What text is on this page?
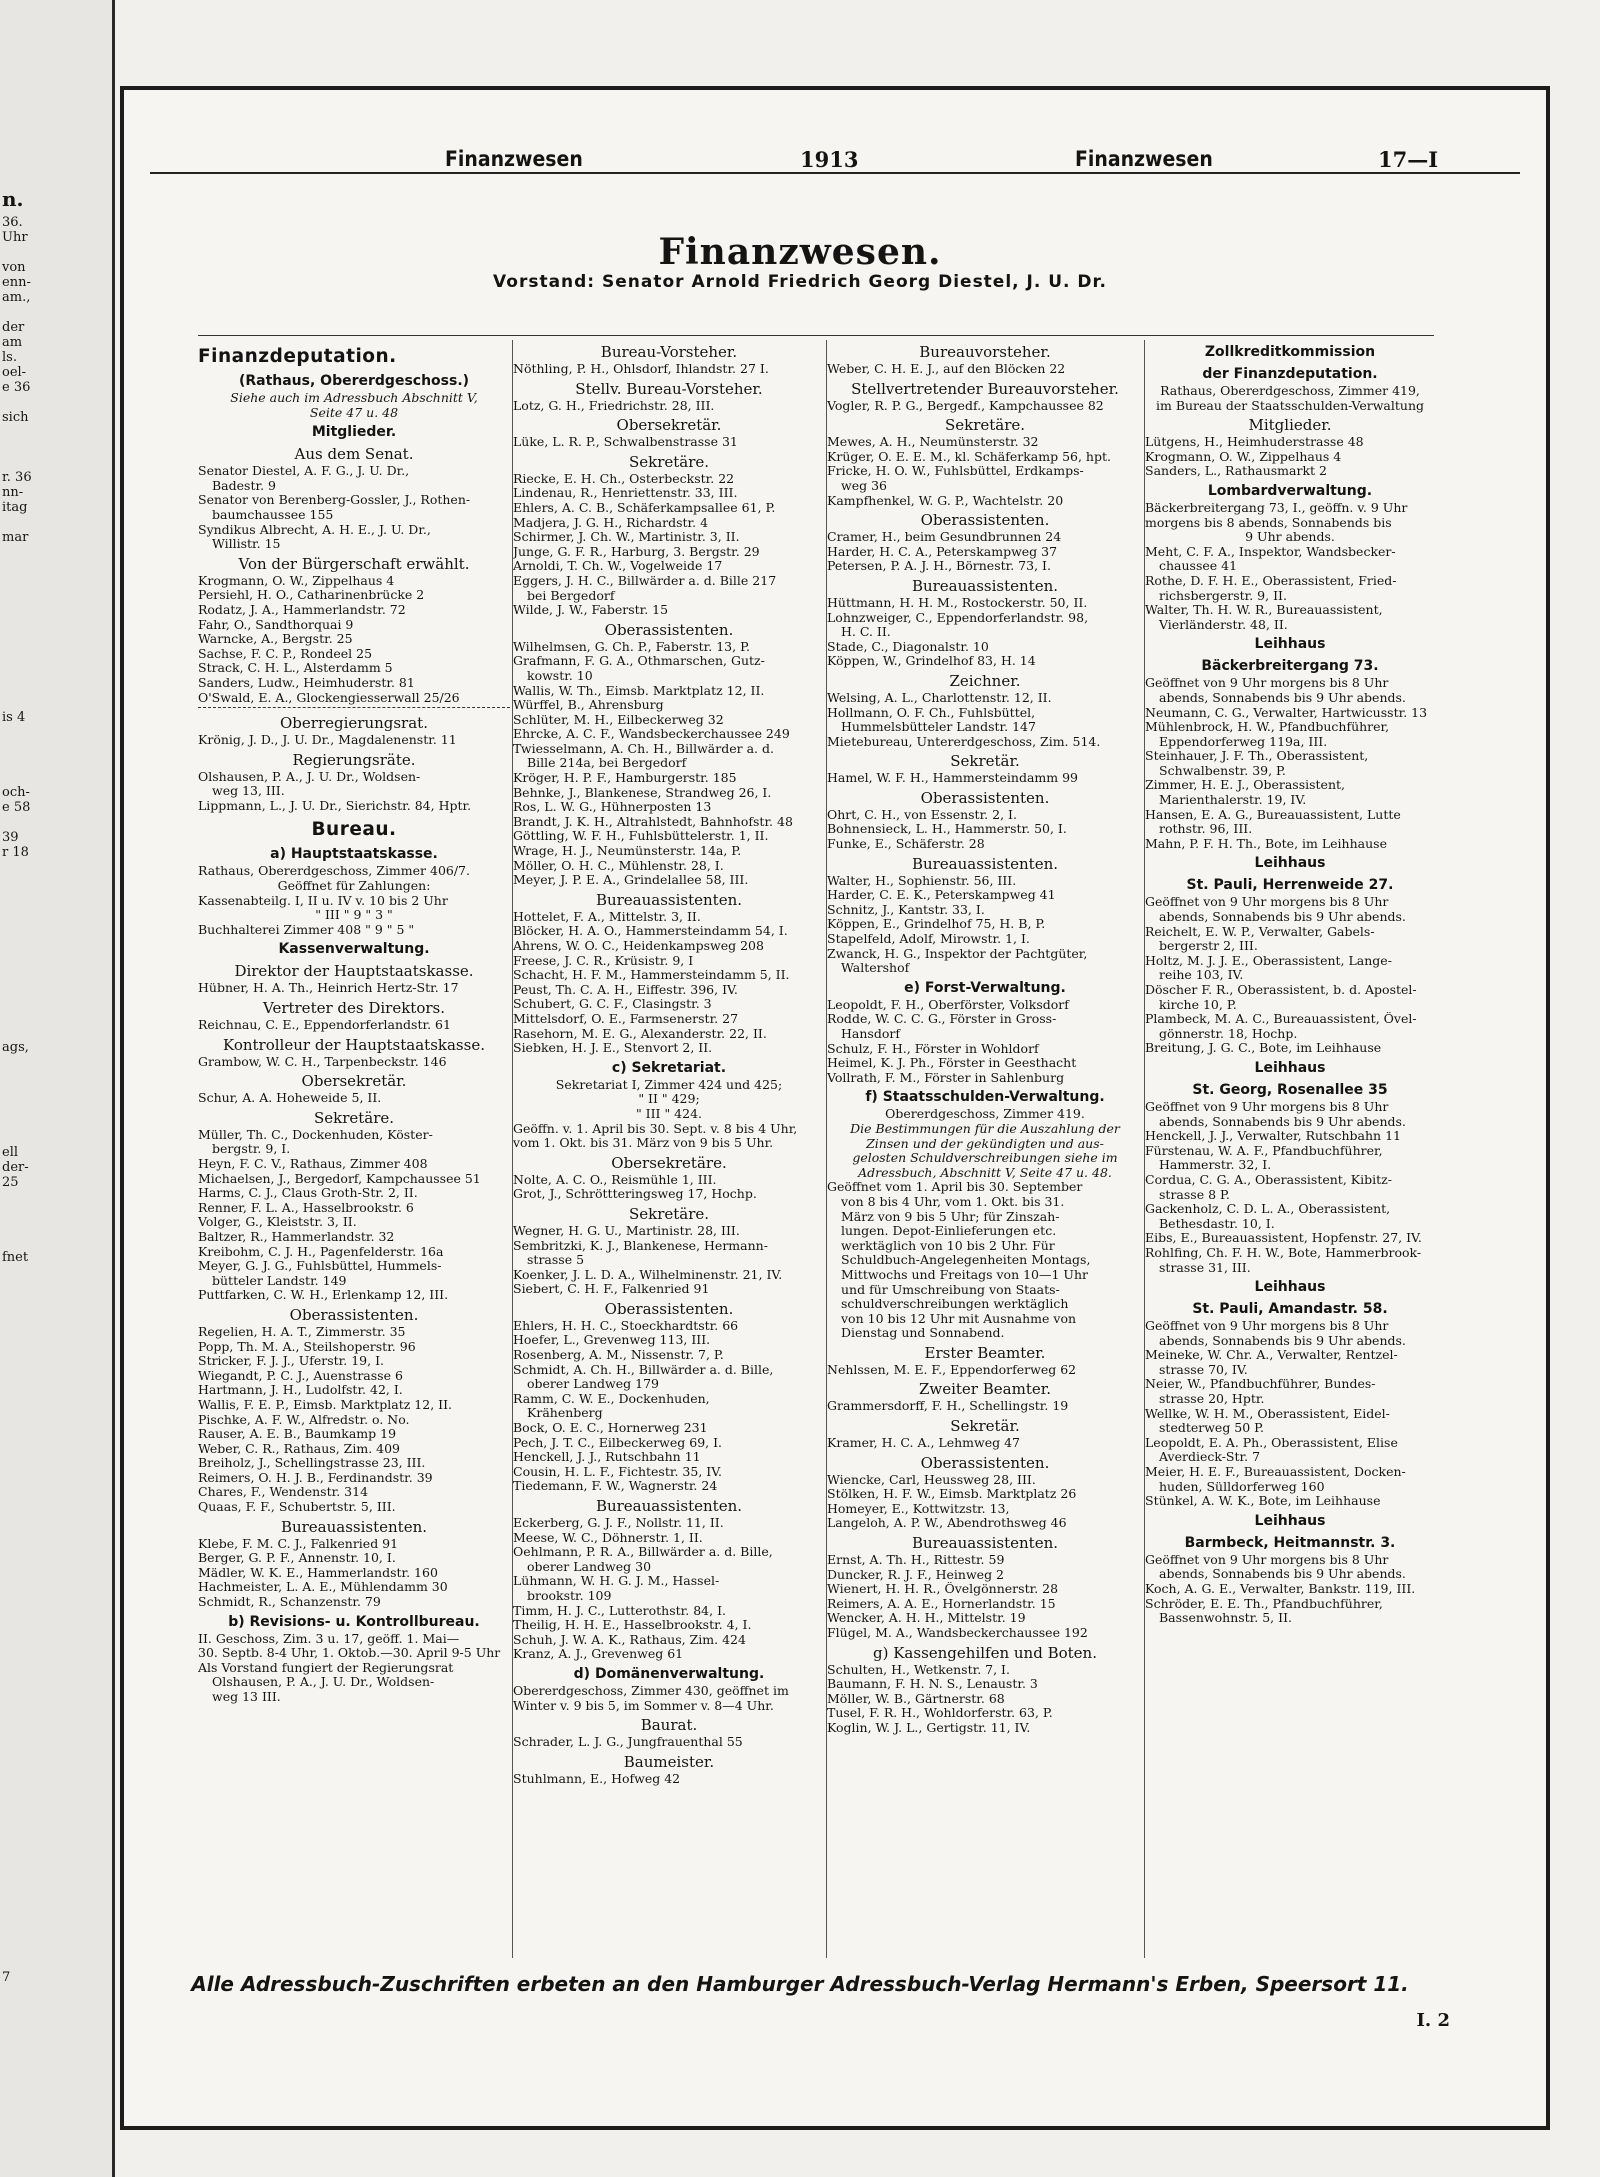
n.
36.
Uhr
von
enn-
am.,
der
am
ls.
oel-
e 36
sich
r. 36
nn-
itag
mar
is 4
och-
e 58
39
r 18
ags,
ell
der-
25
fnet
7
Finanzwesen	1913	Finanzwesen	17—I
Finanzwesen.
Vorstand: Senator Arnold Friedrich Georg Diestel, J. U. Dr.
Finanzdeputation.
(Rathaus, Obererdgeschoss.)
Siehe auch im Adressbuch Abschnitt V,
Seite 47 u. 48
Mitglieder.
Aus dem Senat.
Senator Diestel, A. F. G., J. U. Dr.,
Badestr. 9
Senator von Berenberg-Gossler, J., Rothen-
baumchaussee 155
Syndikus Albrecht, A. H. E., J. U. Dr.,
Willistr. 15
Von der Bürgerschaft erwählt.
Krogmann, O. W., Zippelhaus 4
Persiehl, H. O., Catharinenbrücke 2
Rodatz, J. A., Hammerlandstr. 72
Fahr, O., Sandthorquai 9
Warncke, A., Bergstr. 25
Sachse, F. C. P., Rondeel 25
Strack, C. H. L., Alsterdamm 5
Sanders, Ludw., Heimhuderstr. 81
O'Swald, E. A., Glockengiesserwall 25/26
Oberregierungsrat.
Krönig, J. D., J. U. Dr., Magdalenenstr. 11
Regierungsräte.
Olshausen, P. A., J. U. Dr., Woldsen-
weg 13, III.
Lippmann, L., J. U. Dr., Sierichstr. 84, Hptr.
Bureau.
a) Hauptstaatskasse.
Rathaus, Obererdgeschoss, Zimmer 406/7.
Geöffnet für Zahlungen:
Kassenabteilg. I, II u. IV v. 10 bis 2 Uhr
" III " 9 " 3 "
Buchhalterei Zimmer 408 " 9 " 5 "
Kassenverwaltung.
Direktor der Hauptstaatskasse.
Hübner, H. A. Th., Heinrich Hertz-Str. 17
Vertreter des Direktors.
Reichnau, C. E., Eppendorferlandstr. 61
Kontrolleur der Hauptstaatskasse.
Grambow, W. C. H., Tarpenbeckstr. 146
Obersekretär.
Schur, A. A. Hoheweide 5, II.
Sekretäre.
Müller, Th. C., Dockenhuden, Köster-
bergstr. 9, I.
Heyn, F. C. V., Rathaus, Zimmer 408
Michaelsen, J., Bergedorf, Kampchaussee 51
Harms, C. J., Claus Groth-Str. 2, II.
Renner, F. L. A., Hasselbrookstr. 6
Volger, G., Kleiststr. 3, II.
Baltzer, R., Hammerlandstr. 32
Kreibohm, C. J. H., Pagenfelderstr. 16a
Meyer, G. J. G., Fuhlsbüttel, Hummels-
bütteler Landstr. 149
Puttfarken, C. W. H., Erlenkamp 12, III.
Oberassistenten.
Regelien, H. A. T., Zimmerstr. 35
Popp, Th. M. A., Steilshoperstr. 96
Stricker, F. J. J., Uferstr. 19, I.
Wiegandt, P. C. J., Auenstrasse 6
Hartmann, J. H., Ludolfstr. 42, I.
Wallis, F. E. P., Eimsb. Marktplatz 12, II.
Pischke, A. F. W., Alfredstr. o. No.
Rauser, A. E. B., Baumkamp 19
Weber, C. R., Rathaus, Zim. 409
Breiholz, J., Schellingstrasse 23, III.
Reimers, O. H. J. B., Ferdinandstr. 39
Chares, F., Wendenstr. 314
Quaas, F. F., Schubertstr. 5, III.
Bureauassistenten.
Klebe, F. M. C. J., Falkenried 91
Berger, G. P. F., Annenstr. 10, I.
Mädler, W. K. E., Hammerlandstr. 160
Hachmeister, L. A. E., Mühlendamm 30
Schmidt, R., Schanzenstr. 79
b) Revisions- u. Kontrollbureau.
II. Geschoss, Zim. 3 u. 17, geöff. 1. Mai—
30. Septb. 8-4 Uhr, 1. Oktob.—30. April 9-5 Uhr
Als Vorstand fungiert der Regierungsrat
Olshausen, P. A., J. U. Dr., Woldsen-
weg 13 III.
Bureau-Vorsteher.
Nöthling, P. H., Ohlsdorf, Ihlandstr. 27 I.
Stellv. Bureau-Vorsteher.
Lotz, G. H., Friedrichstr. 28, III.
Obersekretär.
Lüke, L. R. P., Schwalbenstrasse 31
Sekretäre.
Riecke, E. H. Ch., Osterbeckstr. 22
Lindenau, R., Henriettenstr. 33, III.
Ehlers, A. C. B., Schäferkampsallee 61, P.
Madjera, J. G. H., Richardstr. 4
Schirmer, J. Ch. W., Martinistr. 3, II.
Junge, G. F. R., Harburg, 3. Bergstr. 29
Arnoldi, T. Ch. W., Vogelweide 17
Eggers, J. H. C., Billwärder a. d. Bille 217
bei Bergedorf
Wilde, J. W., Faberstr. 15
Oberassistenten.
Wilhelmsen, G. Ch. P., Faberstr. 13, P.
Grafmann, F. G. A., Othmarschen, Gutz-
kowstr. 10
Wallis, W. Th., Eimsb. Marktplatz 12, II.
Würffel, B., Ahrensburg
Schlüter, M. H., Eilbeckerweg 32
Ehrcke, A. C. F., Wandsbeckerchaussee 249
Twiesselmann, A. Ch. H., Billwärder a. d.
Bille 214a, bei Bergedorf
Kröger, H. P. F., Hamburgerstr. 185
Behnke, J., Blankenese, Strandweg 26, I.
Ros, L. W. G., Hühnerposten 13
Brandt, J. K. H., Altrahlstedt, Bahnhofstr. 48
Göttling, W. F. H., Fuhlsbüttelerstr. 1, II.
Wrage, H. J., Neumünsterstr. 14a, P.
Möller, O. H. C., Mühlenstr. 28, I.
Meyer, J. P. E. A., Grindelallee 58, III.
Bureauassistenten.
Hottelet, F. A., Mittelstr. 3, II.
Blöcker, H. A. O., Hammersteindamm 54, I.
Ahrens, W. O. C., Heidenkampsweg 208
Freese, J. C. R., Krüsistr. 9, I
Schacht, H. F. M., Hammersteindamm 5, II.
Peust, Th. C. A. H., Eiffestr. 396, IV.
Schubert, G. C. F., Clasingstr. 3
Mittelsdorf, O. E., Farmsenerstr. 27
Rasehorn, M. E. G., Alexanderstr. 22, II.
Siebken, H. J. E., Stenvort 2, II.
c) Sekretariat.
Sekretariat I, Zimmer 424 und 425;
" II " 429;
" III " 424.
Geöffn. v. 1. April bis 30. Sept. v. 8 bis 4 Uhr,
vom 1. Okt. bis 31. März von 9 bis 5 Uhr.
Obersekretäre.
Nolte, A. C. O., Reismühle 1, III.
Grot, J., Schröttteringsweg 17, Hochp.
Sekretäre.
Wegner, H. G. U., Martinistr. 28, III.
Sembritzki, K. J., Blankenese, Hermann-
strasse 5
Koenker, J. L. D. A., Wilhelminenstr. 21, IV.
Siebert, C. H. F., Falkenried 91
Oberassistenten.
Ehlers, H. H. C., Stoeckhardtstr. 66
Hoefer, L., Grevenweg 113, III.
Rosenberg, A. M., Nissenstr. 7, P.
Schmidt, A. Ch. H., Billwärder a. d. Bille,
oberer Landweg 179
Ramm, C. W. E., Dockenhuden,
Krähenberg
Bock, O. E. C., Hornerweg 231
Pech, J. T. C., Eilbeckerweg 69, I.
Henckell, J. J., Rutschbahn 11
Cousin, H. L. F., Fichtestr. 35, IV.
Tiedemann, F. W., Wagnerstr. 24
Bureauassistenten.
Eckerberg, G. J. F., Nollstr. 11, II.
Meese, W. C., Döhnerstr. 1, II.
Oehlmann, P. R. A., Billwärder a. d. Bille,
oberer Landweg 30
Lühmann, W. H. G. J. M., Hassel-
brookstr. 109
Timm, H. J. C., Lutterothstr. 84, I.
Theilig, H. H. E., Hasselbrookstr. 4, I.
Schuh, J. W. A. K., Rathaus, Zim. 424
Kranz, A. J., Grevenweg 61
d) Domänenverwaltung.
Obererdgeschoss, Zimmer 430, geöffnet im
Winter v. 9 bis 5, im Sommer v. 8—4 Uhr.
Baurat.
Schrader, L. J. G., Jungfrauenthal 55
Baumeister.
Stuhlmann, E., Hofweg 42
Bureauvorsteher.
Weber, C. H. E. J., auf den Blöcken 22
Stellvertretender Bureauvorsteher.
Vogler, R. P. G., Bergedf., Kampchaussee 82
Sekretäre.
Mewes, A. H., Neumünsterstr. 32
Krüger, O. E. E. M., kl. Schäferkamp 56, hpt.
Fricke, H. O. W., Fuhlsbüttel, Erdkamps-
weg 36
Kampfhenkel, W. G. P., Wachtelstr. 20
Oberassistenten.
Cramer, H., beim Gesundbrunnen 24
Harder, H. C. A., Peterskampweg 37
Petersen, P. A. J. H., Börnestr. 73, I.
Bureauassistenten.
Hüttmann, H. H. M., Rostockerstr. 50, II.
Lohnzweiger, C., Eppendorferlandstr. 98,
H. C. II.
Stade, C., Diagonalstr. 10
Köppen, W., Grindelhof 83, H. 14
Zeichner.
Welsing, A. L., Charlottenstr. 12, II.
Hollmann, O. F. Ch., Fuhlsbüttel,
Hummelsbütteler Landstr. 147
Mietebureau, Untererdgeschoss, Zim. 514.
Sekretär.
Hamel, W. F. H., Hammersteindamm 99
Oberassistenten.
Ohrt, C. H., von Essenstr. 2, I.
Bohnensieck, L. H., Hammerstr. 50, I.
Funke, E., Schäferstr. 28
Bureauassistenten.
Walter, H., Sophienstr. 56, III.
Harder, C. E. K., Peterskampweg 41
Schnitz, J., Kantstr. 33, I.
Köppen, E., Grindelhof 75, H. B, P.
Stapelfeld, Adolf, Mirowstr. 1, I.
Zwanck, H. G., Inspektor der Pachtgüter,
Waltershof
e) Forst-Verwaltung.
Leopoldt, F. H., Oberförster, Volksdorf
Rodde, W. C. C. G., Förster in Gross-
Hansdorf
Schulz, F. H., Förster in Wohldorf
Heimel, K. J. Ph., Förster in Geesthacht
Vollrath, F. M., Förster in Sahlenburg
f) Staatsschulden-Verwaltung.
Obererdgeschoss, Zimmer 419.
Die Bestimmungen für die Auszahlung der
Zinsen und der gekündigten und aus-
gelosten Schuldverschreibungen siehe im
Adressbuch, Abschnitt V, Seite 47 u. 48.
Geöffnet vom 1. April bis 30. September
von 8 bis 4 Uhr, vom 1. Okt. bis 31.
März von 9 bis 5 Uhr; für Zinszah-
lungen. Depot-Einlieferungen etc.
werktäglich von 10 bis 2 Uhr. Für
Schuldbuch-Angelegenheiten Montags,
Mittwochs und Freitags von 10—1 Uhr
und für Umschreibung von Staats-
schuldverschreibungen werktäglich
von 10 bis 12 Uhr mit Ausnahme von
Dienstag und Sonnabend.
Erster Beamter.
Nehlssen, M. E. F., Eppendorferweg 62
Zweiter Beamter.
Grammersdorff, F. H., Schellingstr. 19
Sekretär.
Kramer, H. C. A., Lehmweg 47
Oberassistenten.
Wiencke, Carl, Heussweg 28, III.
Stölken, H. F. W., Eimsb. Marktplatz 26
Homeyer, E., Kottwitzstr. 13,
Langeloh, A. P. W., Abendrothsweg 46
Bureauassistenten.
Ernst, A. Th. H., Rittestr. 59
Duncker, R. J. F., Heinweg 2
Wienert, H. H. R., Övelgönnerstr. 28
Reimers, A. A. E., Hornerlandstr. 15
Wencker, A. H. H., Mittelstr. 19
Flügel, M. A., Wandsbeckerchaussee 192
g) Kassengehilfen und Boten.
Schulten, H., Wetkenstr. 7, I.
Baumann, F. H. N. S., Lenaustr. 3
Möller, W. B., Gärtnerstr. 68
Tusel, F. R. H., Wohldorferstr. 63, P.
Koglin, W. J. L., Gertigstr. 11, IV.
Zollkreditkommission
der Finanzdeputation.
Rathaus, Obererdgeschoss, Zimmer 419,
im Bureau der Staatsschulden-Verwaltung
Mitglieder.
Lütgens, H., Heimhuderstrasse 48
Krogmann, O. W., Zippelhaus 4
Sanders, L., Rathausmarkt 2
Lombardverwaltung.
Bäckerbreitergang 73, I., geöffn. v. 9 Uhr
morgens bis 8 abends, Sonnabends bis
9 Uhr abends.
Meht, C. F. A., Inspektor, Wandsbecker-
chaussee 41
Rothe, D. F. H. E., Oberassistent, Fried-
richsbergerstr. 9, II.
Walter, Th. H. W. R., Bureauassistent,
Vierländerstr. 48, II.
Leihhaus
Bäckerbreitergang 73.
Geöffnet von 9 Uhr morgens bis 8 Uhr
abends, Sonnabends bis 9 Uhr abends.
Neumann, C. G., Verwalter, Hartwicusstr. 13
Mühlenbrock, H. W., Pfandbuchführer,
Eppendorferweg 119a, III.
Steinhauer, J. F. Th., Oberassistent,
Schwalbenstr. 39, P.
Zimmer, H. E. J., Oberassistent,
Marienthalerstr. 19, IV.
Hansen, E. A. G., Bureauassistent, Lutte
rothstr. 96, III.
Mahn, P. F. H. Th., Bote, im Leihhause
Leihhaus
St. Pauli, Herrenweide 27.
Geöffnet von 9 Uhr morgens bis 8 Uhr
abends, Sonnabends bis 9 Uhr abends.
Reichelt, E. W. P., Verwalter, Gabels-
bergerstr 2, III.
Holtz, M. J. J. E., Oberassistent, Lange-
reihe 103, IV.
Döscher F. R., Oberassistent, b. d. Apostel-
kirche 10, P.
Plambeck, M. A. C., Bureauassistent, Övel-
gönnerstr. 18, Hochp.
Breitung, J. G. C., Bote, im Leihhause
Leihhaus
St. Georg, Rosenallee 35
Geöffnet von 9 Uhr morgens bis 8 Uhr
abends, Sonnabends bis 9 Uhr abends.
Henckell, J. J., Verwalter, Rutschbahn 11
Fürstenau, W. A. F., Pfandbuchführer,
Hammerstr. 32, I.
Cordua, C. G. A., Oberassistent, Kibitz-
strasse 8 P.
Gackenholz, C. D. L. A., Oberassistent,
Bethesdastr. 10, I.
Eibs, E., Bureauassistent, Hopfenstr. 27, IV.
Rohlfing, Ch. F. H. W., Bote, Hammerbrook-
strasse 31, III.
Leihhaus
St. Pauli, Amandastr. 58.
Geöffnet von 9 Uhr morgens bis 8 Uhr
abends, Sonnabends bis 9 Uhr abends.
Meineke, W. Chr. A., Verwalter, Rentzel-
strasse 70, IV.
Neier, W., Pfandbuchführer, Bundes-
strasse 20, Hptr.
Wellke, W. H. M., Oberassistent, Eidel-
stedterweg 50 P.
Leopoldt, E. A. Ph., Oberassistent, Elise
Averdieck-Str. 7
Meier, H. E. F., Bureauassistent, Docken-
huden, Sülldorferweg 160
Stünkel, A. W. K., Bote, im Leihhause
Leihhaus
Barmbeck, Heitmannstr. 3.
Geöffnet von 9 Uhr morgens bis 8 Uhr
abends, Sonnabends bis 9 Uhr abends.
Koch, A. G. E., Verwalter, Bankstr. 119, III.
Schröder, E. E. Th., Pfandbuchführer,
Bassenwohnstr. 5, II.
Alle Adressbuch-Zuschriften erbeten an den Hamburger Adressbuch-Verlag Hermann's Erben, Speersort 11.
I. 2
